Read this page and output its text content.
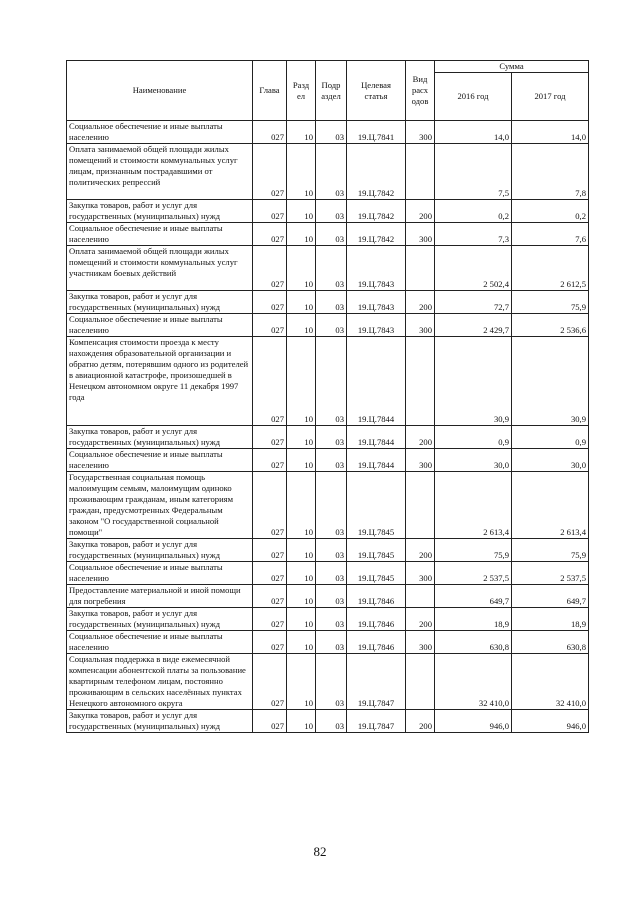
Наименование	Глава	Разд ел	Подр аздел	Целевая статья	Вид расх одов	Сумма	
						2016 год	2017 год
Социальное обеспечение и иные выплаты населению	027	10	03	19.Ц.7841	300	14,0	14,0
Оплата занимаемой общей площади жилых помещений и стоимости коммунальных услуг лицам, признанным пострадавшими от политических репрессий	027	10	03	19.Ц.7842		7,5	7,8
Закупка товаров, работ и услуг для государственных (муниципальных) нужд	027	10	03	19.Ц.7842	200	0,2	0,2
Социальное обеспечение и иные выплаты населению	027	10	03	19.Ц.7842	300	7,3	7,6
Оплата занимаемой общей площади жилых помещений и стоимости коммунальных услуг участникам боевых действий	027	10	03	19.Ц.7843		2 502,4	2 612,5
Закупка товаров, работ и услуг для государственных (муниципальных) нужд	027	10	03	19.Ц.7843	200	72,7	75,9
Социальное обеспечение и иные выплаты населению	027	10	03	19.Ц.7843	300	2 429,7	2 536,6
Компенсация стоимости проезда к месту нахождения образовательной организации и обратно детям, потерявшим одного из родителей в авиационной катастрофе, произошедшей в Ненецком автономном округе 11 декабря 1997 года	027	10	03	19.Ц.7844		30,9	30,9
Закупка товаров, работ и услуг для государственных (муниципальных) нужд	027	10	03	19.Ц.7844	200	0,9	0,9
Социальное обеспечение и иные выплаты населению	027	10	03	19.Ц.7844	300	30,0	30,0
Государственная социальная помощь малоимущим семьям, малоимущим одиноко проживающим гражданам, иным категориям граждан, предусмотренных Федеральным законом "О государственной социальной помощи"	027	10	03	19.Ц.7845		2 613,4	2 613,4
Закупка товаров, работ и услуг для государственных (муниципальных) нужд	027	10	03	19.Ц.7845	200	75,9	75,9
Социальное обеспечение и иные выплаты населению	027	10	03	19.Ц.7845	300	2 537,5	2 537,5
Предоставление материальной и иной помощи для погребения	027	10	03	19.Ц.7846		649,7	649,7
Закупка товаров, работ и услуг для государственных (муниципальных) нужд	027	10	03	19.Ц.7846	200	18,9	18,9
Социальное обеспечение и иные выплаты населению	027	10	03	19.Ц.7846	300	630,8	630,8
Социальная поддержка в виде ежемесячной компенсации абонентской платы за пользование квартирным телефоном лицам, постоянно проживающим в сельских населённых пунктах Ненецкого автономного округа	027	10	03	19.Ц.7847		32 410,0	32 410,0
Закупка товаров, работ и услуг для государственных (муниципальных) нужд	027	10	03	19.Ц.7847	200	946,0	946,0
82
